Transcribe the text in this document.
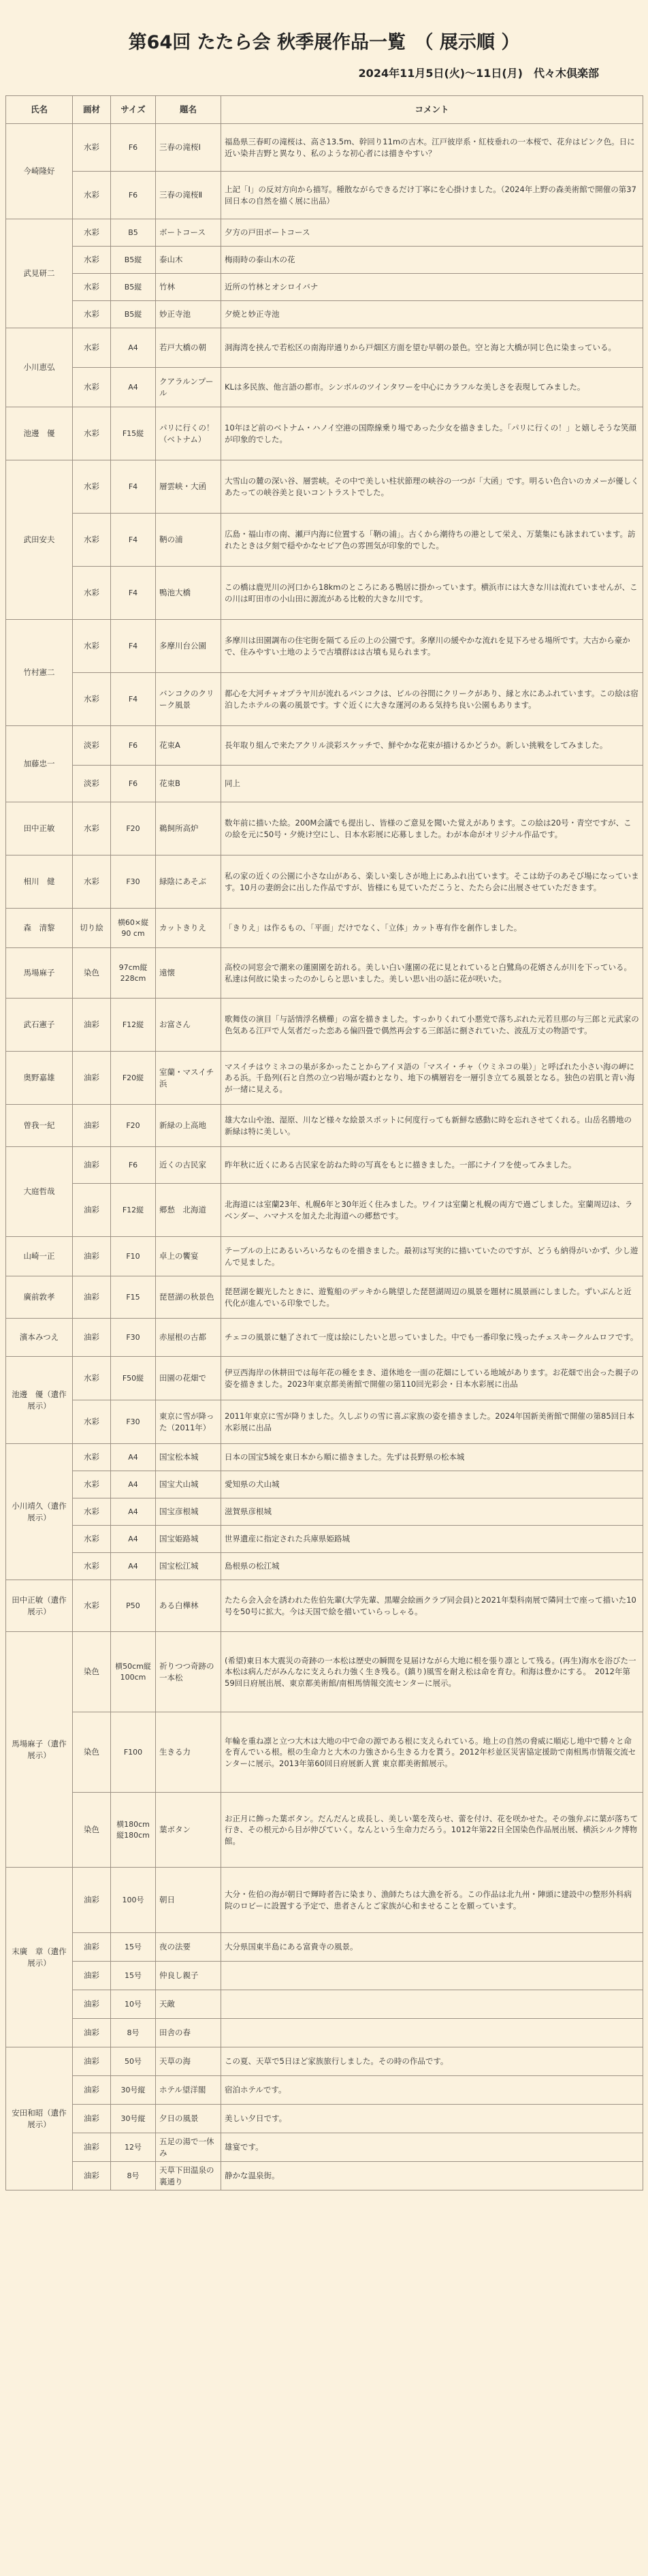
第64回 たたら会 秋季展作品一覧　（ 展示順 ）
2024年11月5日(火)～11日(月)　代々木倶楽部
氏名	画材	サイズ	題名	コメント
今崎隆好	水彩	F6	三春の滝桜Ⅰ	福島県三春町の滝桜は、高さ13.5m、幹回り11mの古木。江戸彼岸系・紅枝垂れの一本桜で、花弁はピンク色。日に近い染井吉野と異なり、私のような初心者には描きやすい？
	水彩	F6	三春の滝桜Ⅱ	上記「Ⅰ」の反対方向から描写。種散ながらできるだけ丁寧にを心掛けました。（2024年上野の森美術館で開催の第37回日本の自然を描く展に出品）
武見研二	水彩	B5	ボートコース	夕方の戸田ボートコース
	水彩	B5縦	泰山木	梅雨時の泰山木の花
	水彩	B5縦	竹林	近所の竹林とオシロイバナ
	水彩	B5縦	妙正寺池	夕焼と妙正寺池
小川恵弘	水彩	A4	若戸大橋の朝	洞海湾を挟んで若松区の南海岸通りから戸畑区方面を望む早朝の景色。空と海と大橋が同じ色に染まっている。
	水彩	A4	クアラルンプール	KLは多民族、他言語の都市。シンボルのツインタワーを中心にカラフルな美しさを表現してみました。
池邊　優	水彩	F15縦	パリに行くの！（ベトナム）	10年ほど前のベトナム・ハノイ空港の国際線乗り場であった少女を描きました。「パリに行くの！」と嬉しそうな笑顔が印象的でした。
武田安夫	水彩	F4	層雲峡・大函	大雪山の麓の深い谷、層雲峡。その中で美しい柱状節理の峡谷の一つが「大函」です。明るい色合いのカメーが優しくあたっての峡谷美と良いコントラストでした。
	水彩	F4	鞆の浦	広島・福山市の南、瀬戸内海に位置する「鞆の浦」。古くから潮待ちの港として栄え、万葉集にも詠まれています。訪れたときは夕刻で穏やかなセピア色の雰囲気が印象的でした。
	水彩	F4	鴨池大橋	この橋は鹿児川の河口から18kmのところにある鴨居に掛かっています。横浜市には大きな川は流れていませんが、この川は町田市の小山田に源流がある比較的大きな川です。
竹村憲二	水彩	F4	多摩川台公園	多摩川は田園調布の住宅街を隔てる丘の上の公園です。多摩川の緩やかな流れを見下ろせる場所です。大古から豪かで、住みやすい土地のようで古墳群はは古墳も見られます。
	水彩	F4	バンコクのクリーク風景	都心を大河チャオプラヤ川が流れるバンコクは、ビルの谷間にクリークがあり、縁と水にあふれています。この絵は宿泊したホテルの裏の風景です。すぐ近くに大きな運河のある気持ち良い公園もあります。
加藤忠一	淡彩	F6	花束A	長年取り組んで来たアクリル淡彩スケッチで、鮮やかな花束が描けるかどうか。新しい挑戦をしてみました。
	淡彩	F6	花束B	同上
田中正敏	水彩	F20	鵜飼所高炉	数年前に描いた絵。200M会議でも提出し、皆様のご意見を聞いた覚えがあります。この絵は20号・青空ですが、この絵を元に50号・夕焼け空にし、日本水彩展に応募しました。わが本命がオリジナル作品です。
相川　健	水彩	F30	緑陰にあそぶ	私の家の近くの公園に小さな山がある、楽しい楽しさが地上にあふれ出ています。そこは幼子のあそび場になっています。10月の妻朗会に出した作品ですが、皆様にも見ていただこうと、たたら会に出展させていただきます。
森　清黎	切り絵	横60×縦90 cm	カットきりえ	「きりえ」は作るもの、「平面」だけでなく、「立体」カット専有作を創作しました。
馬場麻子	染色	97cm縦228cm	遠懐	高校の同窓会で潮来の蓮園園を訪れる。美しい白い蓮園の花に見とれていると白鷺鳥の花婿さんが川を下っている。私達は何故に染まったのかしらと思いました。美しい思い出の話に花が咲いた。
武石憲子	油彩	F12縦	お富さん	歌舞伎の演目「与話情浮名横櫛」の富を描きました。すっかりくれて小悪党で落ちぶれた元若旦那の与三郎と元武家の色気ある江戸で人気者だった恋ある偏四畳で偶然再会する三郎話に捌されていた、波乱万丈の物語です。
奥野嘉雄	油彩	F20縦	室蘭・マスイチ浜	マスイチはウミネコの巣が多かったことからアイヌ語の「マスイ・チャ（ウミネコの巣）」と呼ばれた小さい海の岬にある浜。千島列(石と自然の立つ岩場が霞わとなり、地下の構層岩を一層引き立てる風景となる。独色の岩肌と青い海が一緒に見える。
曽我一紀	油彩	F20	新緑の上高地	雄大な山や池、湿原、川など様々な絵景スポットに何度行っても新鮮な感動に時を忘れさせてくれる。山岳名勝地の新緑は特に美しい。
大庭哲哉	油彩	F6	近くの古民家	昨年秋に近くにある古民家を訪ねた時の写真をもとに描きました。一部にナイフを使ってみました。
	油彩	F12縦	郷愁　北海道	北海道には室蘭23年、札幌6年と30年近く住みました。ワイフは室蘭と札幌の両方で過ごしました。室蘭周辺は、ラベンダー、ハマナスを加えた北海道への郷愁です。
山崎一正	油彩	F10	卓上の饗宴	テーブルの上にあるいろいろなものを描きました。最初は写実的に描いていたのですが、どうも納得がいかず、少し遊んで見ました。
廣前敦孝	油彩	F15	琵琶湖の秋景色	琵琶湖を観光したときに、遊覧船のデッキから眺望した琵琶湖周辺の風景を題材に風景画にしました。ずいぶんと近代化が進んでいる印象でした。
濱本みつえ	油彩	F30	赤屋根の古都	チェコの風景に魅了されて一度は絵にしたいと思っていました。中でも一番印象に残ったチェスキークルムロフです。
池邊　優（遺作展示）	水彩	F50縦	田園の花畑で	伊豆西海岸の休耕田では毎年花の種をまき、道休地を一面の花畑にしている地域があります。お花畑で出会った親子の姿を描きました。2023年東京都美術館で開催の第110回光彩会・日本水彩展に出品
	水彩	F30	東京に雪が降った（2011年）	2011年東京に雪が降りました。久しぶりの雪に喜ぶ家族の姿を描きました。2024年国新美術館で開催の第85回日本水彩展に出品
小川靖久（遺作展示）	水彩	A4	国宝松本城	日本の国宝5城を東日本から順に描きました。先ずは長野県の松本城
	水彩	A4	国宝犬山城	愛知県の犬山城
	水彩	A4	国宝彦根城	滋賀県彦根城
	水彩	A4	国宝姫路城	世界遺産に指定された兵庫県姫路城
	水彩	A4	国宝松江城	島根県の松江城
田中正敏（遺作展示）	水彩	P50	ある白樺林	たたら会入会を誘われた佐伯先輩(大学先輩、黒曜会絵画クラブ同会員)と2021年梨科南展で隣同士で座って描いた10号を50号に拡大。今は天国で絵を描いていらっしゃる。
馬場麻子（遺作展示）	染色	横50cm縦100cm	祈りつつ奇跡の一本松	(希望)東日本大震災の奇跡の一本松は歴史の瞬間を見届けながら大地に根を張り凛として残る。(再生)海水を浴びた一本松は病んだがみんなに支えられ力強く生き残る。(鎮り)風雪を耐え松は命を育む。和海は豊かにする。　2012年第59回日府展出展、東京都美術館/南相馬情報交流センターに展示。
	染色	F100	生きる力	年輪を重ね凛と立つ大木は大地の中で命の源である根に支えられている。地上の自然の脅威に順応し地中で勝々と命を育んでいる根。根の生命力と大木の力強さから生きる力を貰う。2012年杉並区災害協定援助で南相馬市情報交流センターに展示。2013年第60回日府展新人賞 東京都美術館展示。
	染色	横180cm縦180cm	葉ボタン	お正月に飾った葉ボタン。だんだんと成長し、美しい葉を茂らせ、蕾を付け、花を咲かせた。その強弁ぶに葉が落ちて行き、その根元から目が伸びていく。なんという生命力だろう。1012年第22日全国染色作品展出展、横浜シルク博物館。
末廣　章（遺作展示）	油彩	100号	朝日	大分・佐伯の海が朝日で輝時者告に染まり、漁師たちは大漁を祈る。この作品は北九州・陣頭に建設中の整形外科病院のロビーに設置する予定で、患者さんとご家族が心和ませることを願っています。
	油彩	15号	夜の法要	大分県国東半島にある富貴寺の風景。
	油彩	15号	仲良し親子	
	油彩	10号	天敵	
	油彩	8号	田舎の春	
安田和昭（遺作展示）	油彩	50号	天草の海	この夏、天草で5日ほど家族旅行しました。その時の作品です。
	油彩	30号縦	ホテル望洋閣	宿泊ホテルです。
	油彩	30号縦	夕日の風景	美しい夕日です。
	油彩	12号	五足の湯で一休み	雄宴です。
	油彩	8号	天草下田温泉の裏通り	静かな温泉街。
